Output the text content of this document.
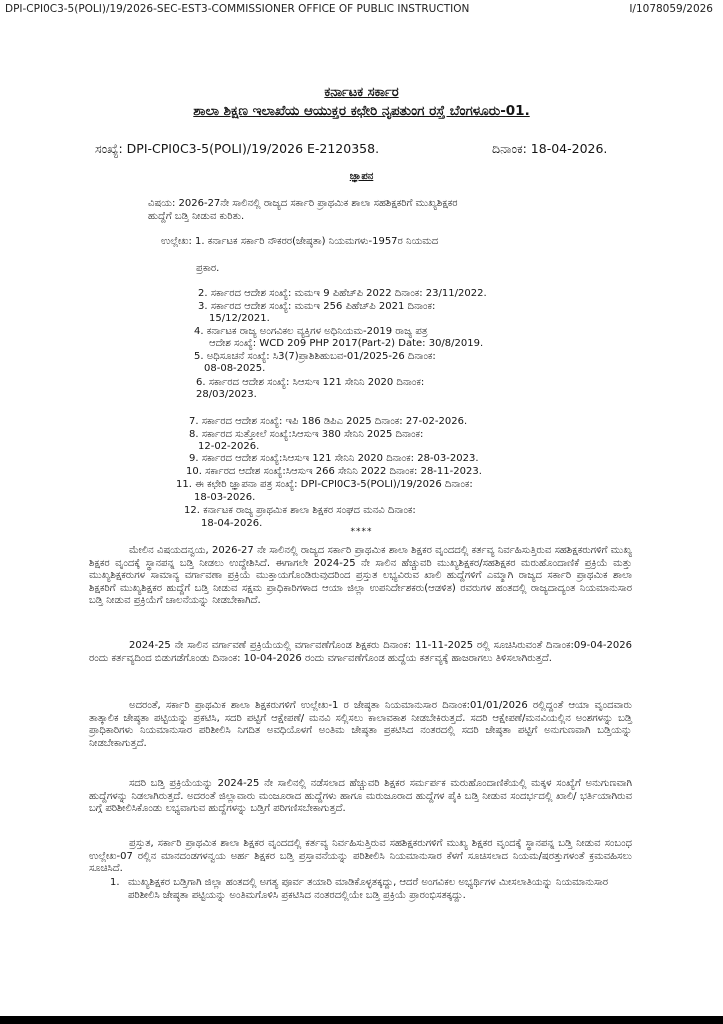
DPI-CPI0C3-5(POLI)/19/2026-SEC-EST3-COMMISSIONER OFFICE OF PUBLIC INSTRUCTION	I/1078059/2026
ಕರ್ನಾಟಕ ಸರ್ಕಾರ
ಶಾಲಾ ಶಿಕ್ಷಣ ಇಲಾಖೆಯ ಆಯುಕ್ತರ ಕಛೇರಿ ನೃಪತುಂಗ ರಸ್ತೆ ಬೆಂಗಳೂರು-01.
ಸಂಖ್ಯೆ: DPI-CPI0C3-5(POLI)/19/2026 E-2120358.	ದಿನಾಂಕ: 18-04-2026.
ಜ್ಞಾಪನ
ವಿಷಯ: 2026-27ನೇ ಸಾಲಿನಲ್ಲಿ ರಾಜ್ಯದ ಸರ್ಕಾರಿ ಪ್ರಾಥಮಿಕ ಶಾಲಾ ಸಹಶಿಕ್ಷಕರಿಗೆ ಮುಖ್ಯಶಿಕ್ಷಕರ ಹುದ್ದೆಗೆ ಬಡ್ತಿ ನೀಡುವ ಕುರಿತು.
ಉಲ್ಲೇಖ: 1. ಕರ್ನಾಟಕ ಸರ್ಕಾರಿ ನೌಕರರ(ಜೇಷ್ಠತಾ) ನಿಯಮಗಳು-1957ರ ನಿಯಮದ
ಪ್ರಕಾರ.
2. ಸರ್ಕಾರದ ಆದೇಶ ಸಂಖ್ಯೆ: ಮಮಇ 9 ಪಿಹೆಚ್‌ಪಿ 2022 ದಿನಾಂಕ: 23/11/2022.
3. ಸರ್ಕಾರದ ಆದೇಶ ಸಂಖ್ಯೆ: ಮಮಇ 256 ಪಿಹೆಚ್‌ಪಿ 2021 ದಿನಾಂಕ:
15/12/2021.
4. ಕರ್ನಾಟಕ ರಾಜ್ಯ ಅಂಗವಿಕಲ ವ್ಯಕ್ತಿಗಳ ಅಧಿನಿಯಮ-2019 ರಾಜ್ಯ ಪತ್ರ
ಆದೇಶ ಸಂಖ್ಯೆ: WCD 209 PHP 2017(Part-2) Date: 30/8/2019.
5. ಅಧಿಸೂಚನೆ ಸಂಖ್ಯೆ: ಸಿ3(7)ಪ್ರಾಶಿಶಿಹುಬವ-01/2025-26 ದಿನಾಂಕ:
08-08-2025.
6. ಸರ್ಕಾರದ ಆದೇಶ ಸಂಖ್ಯೆ: ಸಿಆಸುಇ 121 ಸೇನಿನಿ 2020 ದಿನಾಂಕ:
28/03/2023.
7. ಸರ್ಕಾರದ ಆದೇಶ ಸಂಖ್ಯೆ: ಇಪಿ 186 ಡಿಪಿಎ 2025 ದಿನಾಂಕ: 27-02-2026.
8. ಸರ್ಕಾರದ ಸುತ್ತೋಲೆ ಸಂಖ್ಯೆ:ಸಿಆಸುಇ 380 ಸೇನಿನಿ 2025 ದಿನಾಂಕ:
12-02-2026.
9. ಸರ್ಕಾರದ ಆದೇಶ ಸಂಖ್ಯೆ:ಸಿಆಸುಇ 121 ಸೇನಿನಿ 2020 ದಿನಾಂಕ: 28-03-2023.
10. ಸರ್ಕಾರದ ಆದೇಶ ಸಂಖ್ಯೆ:ಸಿಆಸುಇ 266 ಸೇನಿನಿ 2022 ದಿನಾಂಕ: 28-11-2023.
11. ಈ ಕಛೇರಿ ಜ್ಞಾಪನಾ ಪತ್ರ ಸಂಖ್ಯೆ: DPI-CPI0C3-5(POLI)/19/2026 ದಿನಾಂಕ:
18-03-2026.
12. ಕರ್ನಾಟಕ ರಾಜ್ಯ ಪ್ರಾಥಮಿಕ ಶಾಲಾ ಶಿಕ್ಷಕರ ಸಂಘದ ಮನವಿ ದಿನಾಂಕ:
18-04-2026.
****

ಮೇಲಿನ ವಿಷಯದನ್ವಯ, 2026-27 ನೇ ಸಾಲಿನಲ್ಲಿ ರಾಜ್ಯದ ಸರ್ಕಾರಿ ಪ್ರಾಥಮಿಕ ಶಾಲಾ ಶಿಕ್ಷಕರ ವೃಂದದಲ್ಲಿ ಕರ್ತವ್ಯ ನಿರ್ವಹಿಸುತ್ತಿರುವ ಸಹಶಿಕ್ಷಕರುಗಳಿಗೆ ಮುಖ್ಯ ಶಿಕ್ಷಕರ ವೃಂದಕ್ಕೆ ಸ್ಥಾನಪನ್ನ ಬಡ್ತಿ ನೀಡಲು ಉದ್ದೇಶಿಸಿದೆ. ಈಗಾಗಲೇ 2024-25 ನೇ ಸಾಲಿನ ಹೆಚ್ಚುವರಿ ಮುಖ್ಯಶಿಕ್ಷಕರ/ಸಹಶಿಕ್ಷಕರ ಮರುಹೊಂದಾಣಿಕೆ ಪ್ರಕ್ರಿಯೆ ಮತ್ತು ಮುಖ್ಯಶಿಕ್ಷಕರುಗಳ ಸಾಮಾನ್ಯ ವರ್ಗಾವಣಾ ಪ್ರಕ್ರಿಯೆ ಮುಕ್ತಾಯಗೊಂಡಿರುವುದರಿಂದ ಪ್ರಸ್ತುತ ಲಭ್ಯವಿರುವ ಖಾಲಿ ಹುದ್ದೆಗಳಿಗೆ ಎಮ್ಮಾಗಿ ರಾಜ್ಯದ ಸರ್ಕಾರಿ ಪ್ರಾಥಮಿಕ ಶಾಲಾ ಶಿಕ್ಷಕರಿಗೆ ಮುಖ್ಯಶಿಕ್ಷಕರ ಹುದ್ದೆಗೆ ಬಡ್ತಿ ನೀಡುವ ಸಕ್ಷಮ ಪ್ರಾಧಿಕಾರಿಗಳಾದ ಆಯಾ ಜಿಲ್ಲಾ ಉಪನಿರ್ದೇಶಕರು(ಆಡಳಿತ) ರವರುಗಳ ಹಂತದಲ್ಲಿ ರಾಜ್ಯದಾದ್ಯಂತ ನಿಯಮಾನುಸಾರ ಬಡ್ತಿ ನೀಡುವ ಪ್ರಕ್ರಿಯೆಗೆ ಚಾಲನೆಯನ್ನು ನೀಡಬೇಕಾಗಿದೆ.

2024-25 ನೇ ಸಾಲಿನ ವರ್ಗಾವಣೆ ಪ್ರಕ್ರಿಯೆಯಲ್ಲಿ ವರ್ಗಾವಣೆಗೊಂಡ ಶಿಕ್ಷಕರು ದಿನಾಂಕ: 11-11-2025 ರಲ್ಲಿ ಸೂಚಿಸಿರುವಂತೆ ದಿನಾಂಕ:09-04-2026 ರಂದು ಕರ್ತವ್ಯದಿಂದ ಬಿಡುಗಡೆಗೊಂಡು ದಿನಾಂಕ: 10-04-2026 ರಂದು ವರ್ಗಾವಣೆಗೊಂಡ ಹುದ್ದೆಯ ಕರ್ತವ್ಯಕ್ಕೆ ಹಾಜರಾಗಲು ತಿಳಿಸಲಾಗಿರುತ್ತದೆ.

ಅದರಂತೆ, ಸರ್ಕಾರಿ ಪ್ರಾಥಮಿಕ ಶಾಲಾ ಶಿಕ್ಷಕರುಗಳಿಗೆ ಉಲ್ಲೇಖ-1 ರ ಜೇಷ್ಠತಾ ನಿಯಮಾನುಸಾರ ದಿನಾಂಕ:01/01/2026 ರಲ್ಲಿದ್ದಂತೆ ಆಯಾ ವೃಂದವಾರು ತಾತ್ಕಾಲಿಕ ಜೇಷ್ಠತಾ ಪಟ್ಟಿಯನ್ನು ಪ್ರಕಟಿಸಿ, ಸದರಿ ಪಟ್ಟಿಗೆ ಆಕ್ಷೇಪಣೆ/ ಮನವಿ ಸಲ್ಲಿಸಲು ಕಾಲಾವಕಾಶ ನೀಡಬೇಕಿರುತ್ತದೆ. ಸದರಿ ಆಕ್ಷೇಪಣೆ/ಮನವಿಯಲ್ಲಿನ ಅಂಶಗಳನ್ನು ಬಡ್ತಿ ಪ್ರಾಧಿಕಾರಿಗಳು ನಿಯಮಾನುಸಾರ ಪರಿಶೀಲಿಸಿ ನಿಗದಿತ ಅವಧಿಯೊಳಗೆ ಅಂತಿಮ ಜೇಷ್ಠತಾ ಪ್ರಕಟಿಸಿದ ನಂತರದಲ್ಲಿ ಸದರಿ ಜೇಷ್ಠತಾ ಪಟ್ಟಿಗೆ ಅನುಗುಣವಾಗಿ ಬಡ್ತಿಯನ್ನು ನೀಡಬೇಕಾಗುತ್ತದೆ.

ಸದರಿ ಬಡ್ತಿ ಪ್ರಕ್ರಿಯೆಯನ್ನು 2024-25 ನೇ ಸಾಲಿನಲ್ಲಿ ನಡೆಸಲಾದ ಹೆಚ್ಚುವರಿ ಶಿಕ್ಷಕರ ಸರ್ಮರ್ಪಕ ಮರುಹೊಂದಾಣಿಕೆಯಲ್ಲಿ ಮಕ್ಕಳ ಸಂಖ್ಯೆಗೆ ಅನುಗುಣವಾಗಿ ಹುದ್ದೆಗಳನ್ನು ನಿಡಲಾಗಿರುತ್ತದೆ. ಅದರಂತೆ ಜಿಲ್ಲಾವಾರು ಮಂಜೂರಾದ ಹುದ್ದೆಗಳು ಹಾಗೂ ಮರುಜೂರಾದ ಹುದ್ದೆಗಳ ಪೈಕಿ ಬಡ್ತಿ ನೀಡುವ ಸಂದರ್ಭದಲ್ಲಿ ಖಾಲಿ/ ಭರ್ತಿಯಾಗಿರುವ ಬಗ್ಗೆ ಪರಿಶೀಲಿಸಿಕೊಂಡು ಲಭ್ಯವಾಗುವ ಹುದ್ದೆಗಳನ್ನು ಬಡ್ತಿಗೆ ಪರಿಗಣಿಸಬೇಕಾಗುತ್ತದೆ.

ಪ್ರಸ್ತುತ, ಸರ್ಕಾರಿ ಪ್ರಾಥಮಿಕ ಶಾಲಾ ಶಿಕ್ಷಕರ ವೃಂದದಲ್ಲಿ ಕರ್ತವ್ಯ ನಿರ್ವಹಿಸುತ್ತಿರುವ ಸಹಶಿಕ್ಷಕರುಗಳಿಗೆ ಮುಖ್ಯ ಶಿಕ್ಷಕರ ವೃಂದಕ್ಕೆ ಸ್ಥಾನಪನ್ನ ಬಡ್ತಿ ನೀಡುವ ಸಂಬಂಧ ಉಲ್ಲೇಖ-07 ರಲ್ಲಿನ ಮಾನದಂಡಗಳನ್ವಯ ಅರ್ಹ ಶಿಕ್ಷಕರ ಬಡ್ತಿ ಪ್ರಸ್ತಾವನೆಯನ್ನು ಪರಿಶೀಲಿಸಿ ನಿಯಮಾನುಸಾರ ಕೆಳಗೆ ಸೂಚಿಸಲಾದ ನಿಯಮ/ಷರತ್ತುಗಳಂತೆ ಕ್ರಮವಹಿಸಲು ಸೂಚಿಸಿದೆ.

1. ಮುಖ್ಯಶಿಕ್ಷಕರ ಬಡ್ತಿಗಾಗಿ ಜಿಲ್ಲಾ ಹಂತದಲ್ಲಿ ಅಗತ್ಯ ಪೂರ್ವ ತಯಾರಿ ಮಾಡಿಕೊಳ್ಳತಕ್ಕದ್ದು, ಆದರೆ ಅಂಗವಿಕಲ ಅಭ್ಯರ್ಥಿಗಳ ಮೀಸಲಾತಿಯನ್ನು ನಿಯಮಾನುಸಾರ ಪರಿಶೀಲಿಸಿ ಜೇಷ್ಠತಾ ಪಟ್ಟಿಯನ್ನು ಅಂತಿಮಗೊಳಿಸಿ ಪ್ರಕಟಿಸಿದ ನಂತರದಲ್ಲಿಯೇ ಬಡ್ತಿ ಪ್ರಕ್ರಿಯೆ ಪ್ರಾರಂಭಿಸತಕ್ಕದ್ದು.
